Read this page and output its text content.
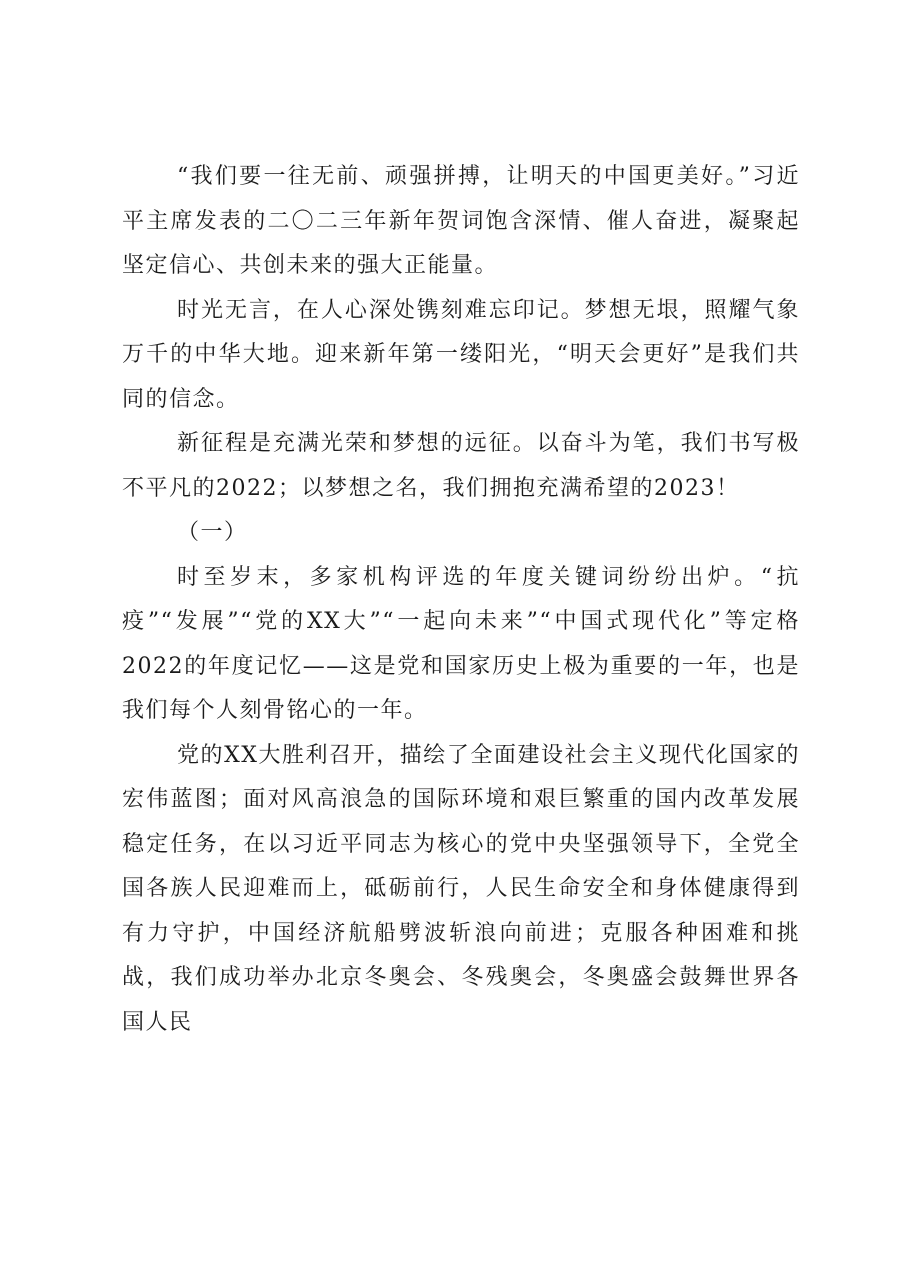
“我们要一往无前、顽强拼搏，让明天的中国更美好。”习近平主席发表的二〇二三年新年贺词饱含深情、催人奋进，凝聚起坚定信心、共创未来的强大正能量。

时光无言，在人心深处镌刻难忘印记。梦想无垠，照耀气象万千的中华大地。迎来新年第一缕阳光，“明天会更好”是我们共同的信念。

新征程是充满光荣和梦想的远征。以奋斗为笔，我们书写极不平凡的2022；以梦想之名，我们拥抱充满希望的2023！

（一）

时至岁末，多家机构评选的年度关键词纷纷出炉。“抗疫”“发展”“党的XX大”“一起向未来”“中国式现代化”等定格2022的年度记忆——这是党和国家历史上极为重要的一年，也是我们每个人刻骨铭心的一年。

党的XX大胜利召开，描绘了全面建设社会主义现代化国家的宏伟蓝图；面对风高浪急的国际环境和艰巨繁重的国内改革发展稳定任务，在以习近平同志为核心的党中央坚强领导下，全党全国各族人民迎难而上，砥砺前行，人民生命安全和身体健康得到有力守护，中国经济航船劈波斩浪向前进；克服各种困难和挑战，我们成功举办北京冬奥会、冬残奥会，冬奥盛会鼓舞世界各国人民
